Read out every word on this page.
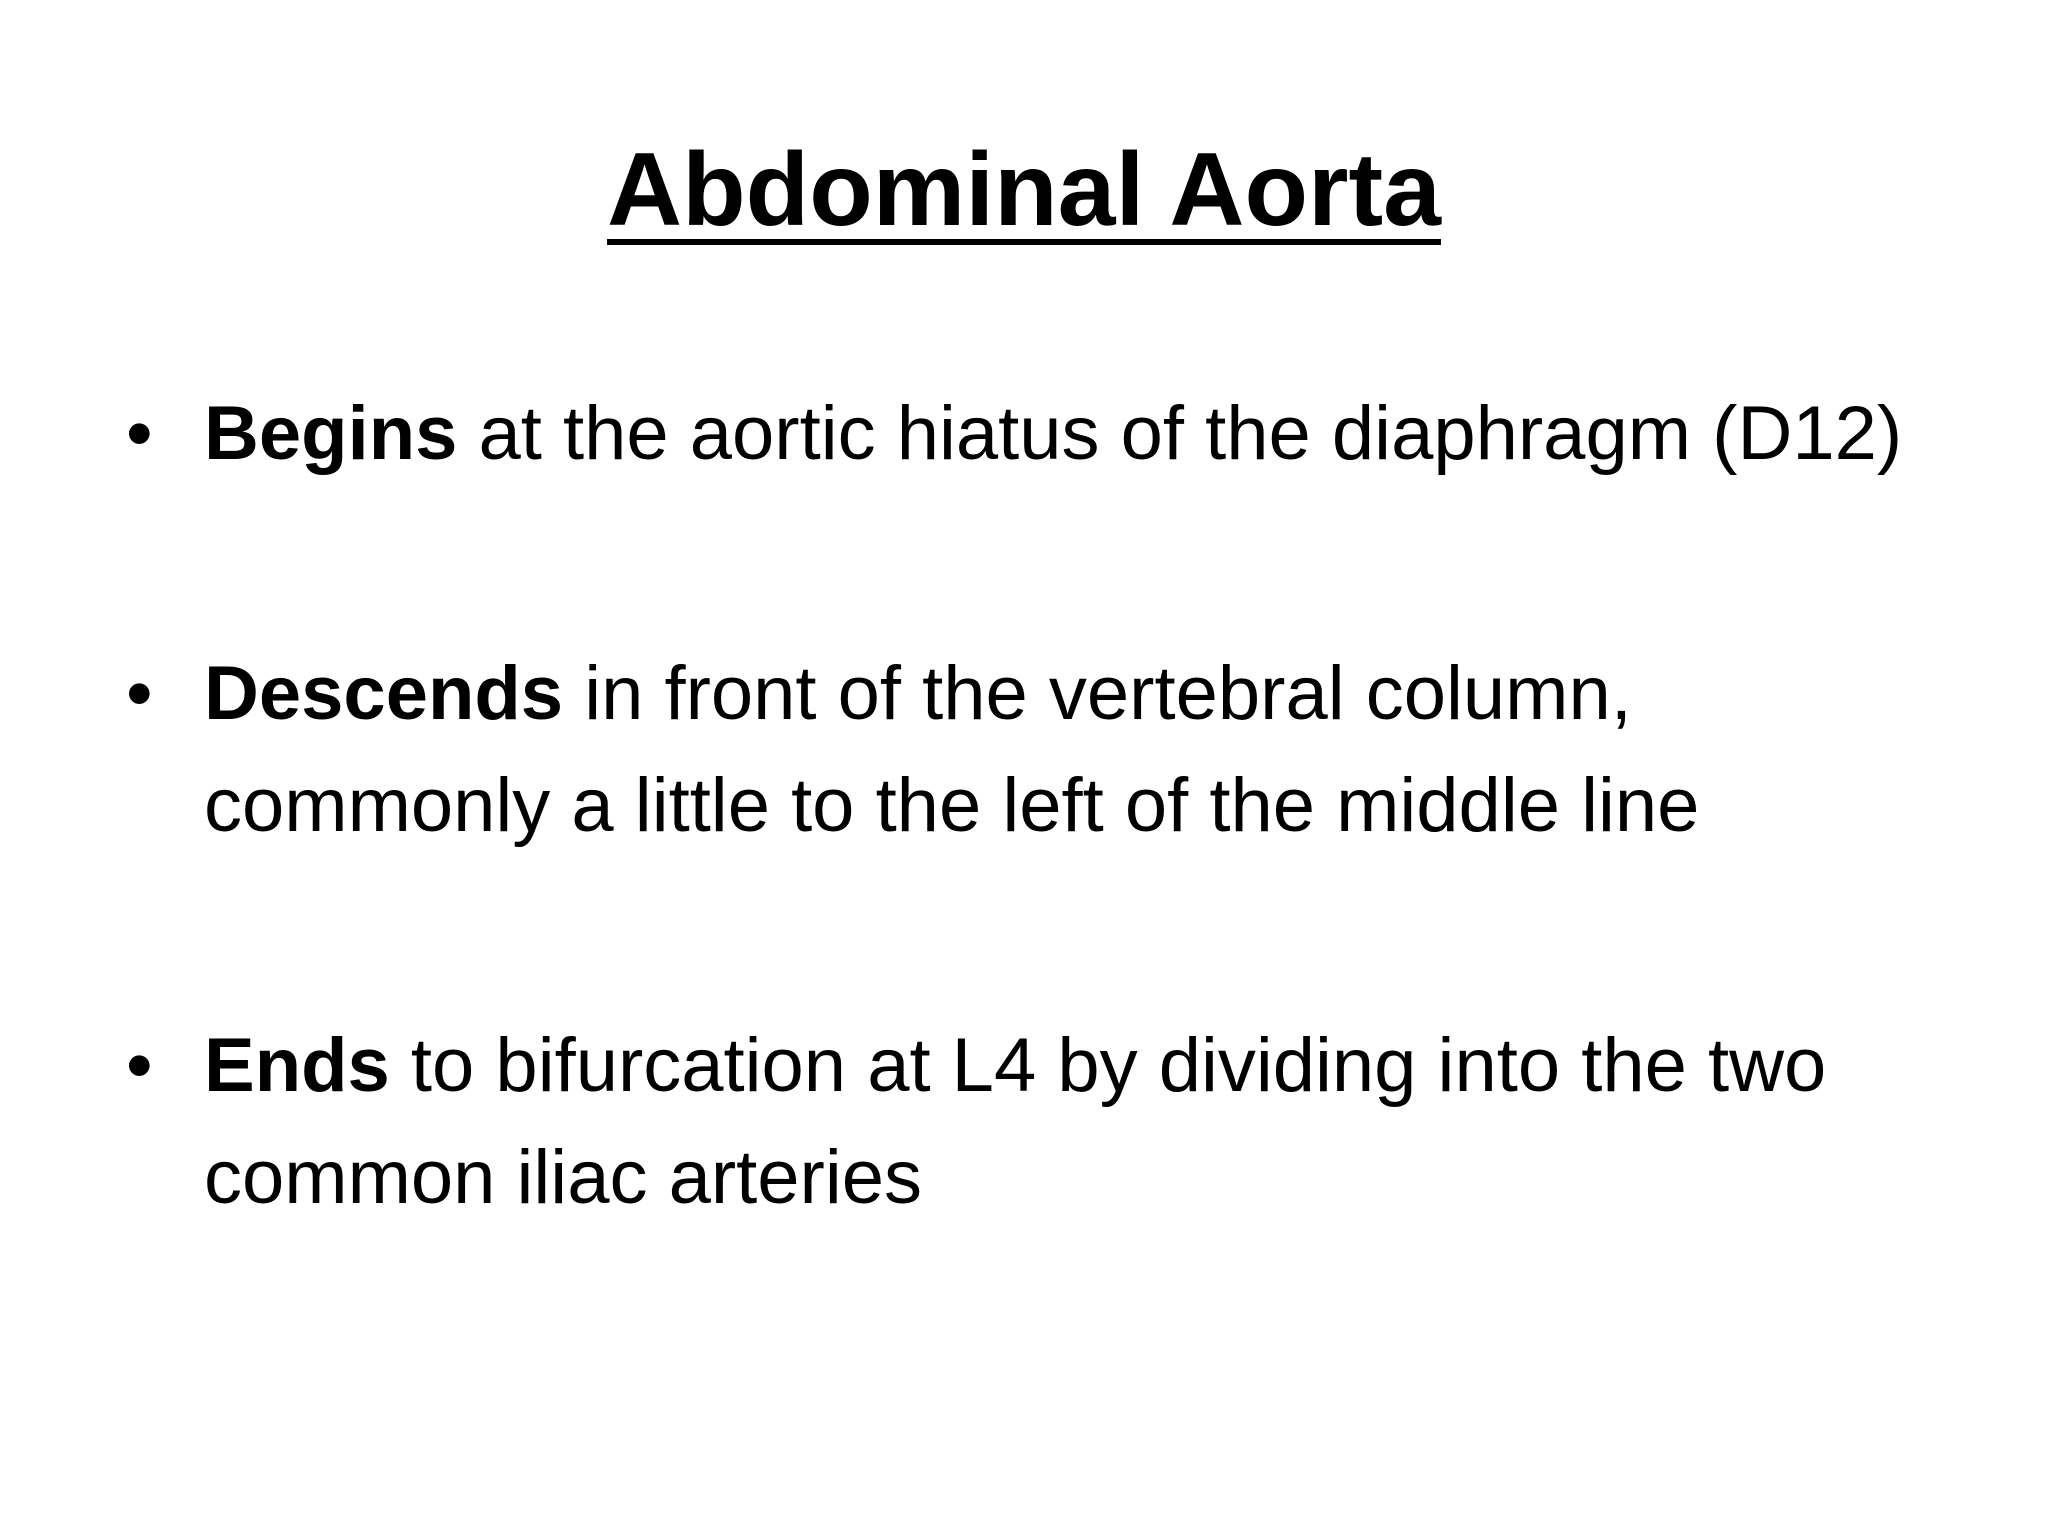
Abdominal Aorta
• Begins at the aortic hiatus of the diaphragm (D12)
• Descends in front of the vertebral column, commonly a little to the left of the middle line
• Ends to bifurcation at L4 by dividing into the two common iliac arteries
